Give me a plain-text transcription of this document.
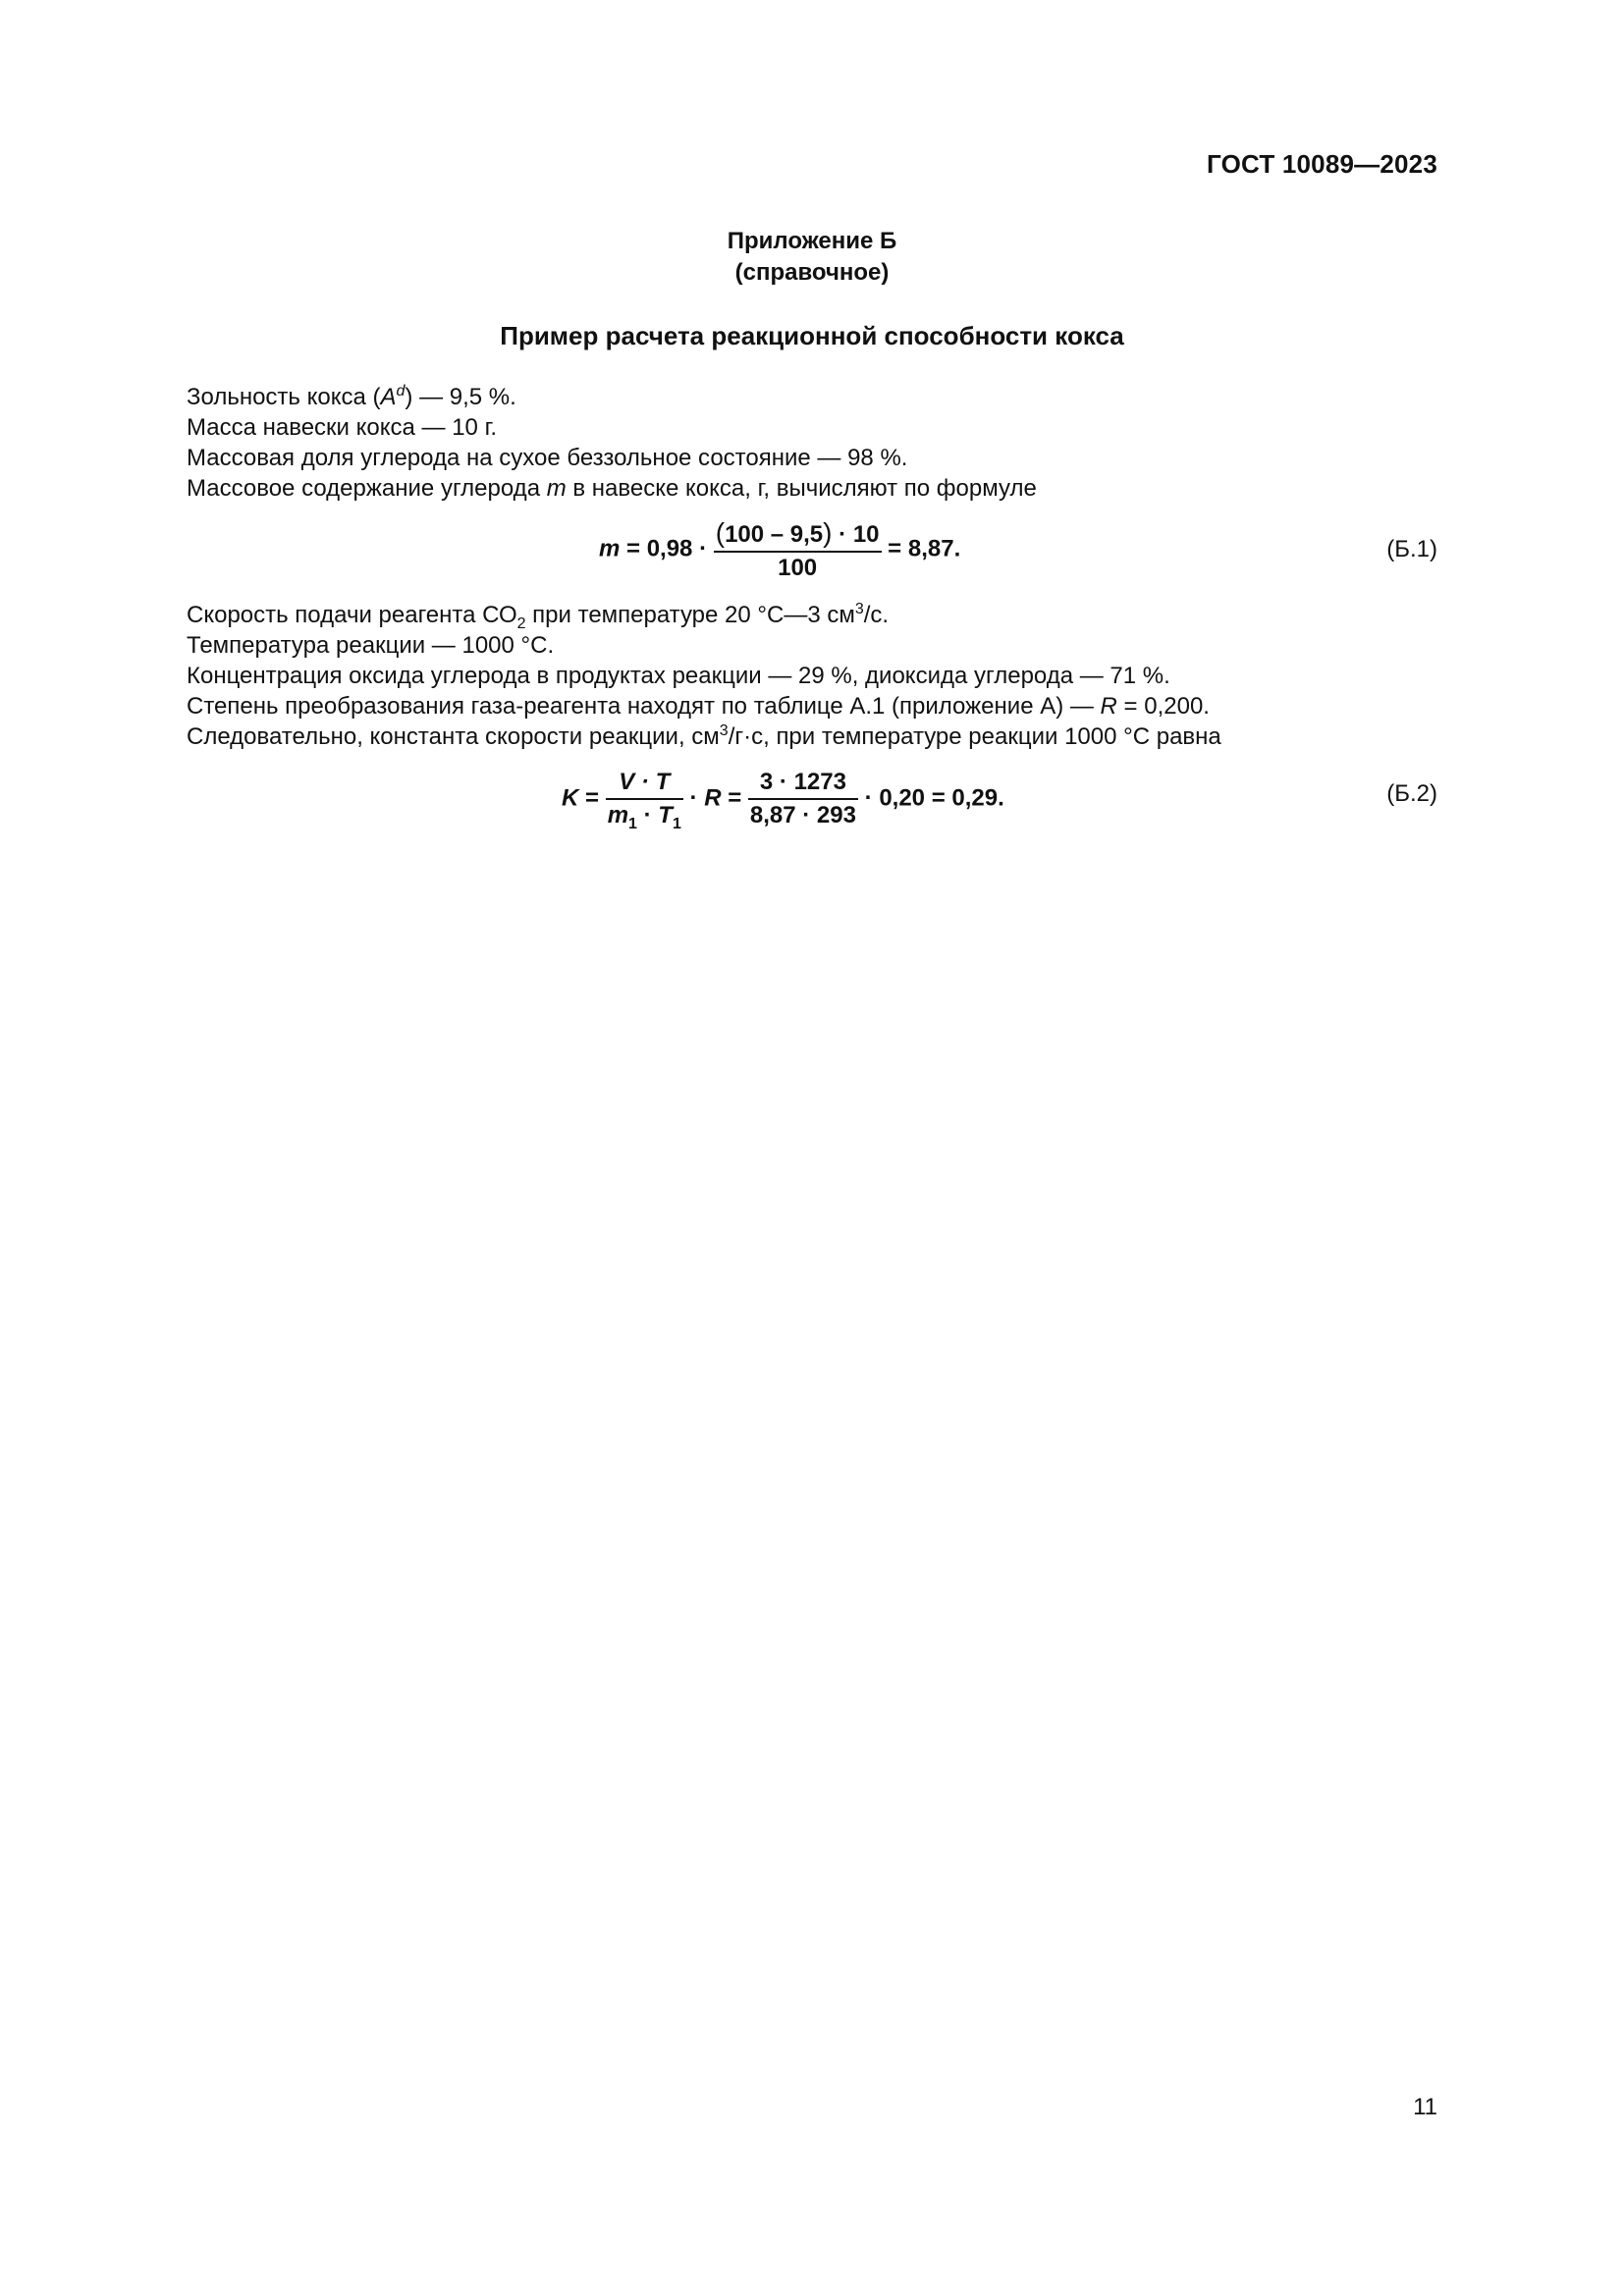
ГОСТ 10089—2023
Приложение Б
(справочное)
Пример расчета реакционной способности кокса
Зольность кокса $(A^d)$ — 9,5 %.
Масса навески кокса — 10 г.
Массовая доля углерода на сухое беззольное состояние — 98 %.
Массовое содержание углерода m в навеске кокса, г, вычисляют по формуле
$m = 0,98 \cdot \frac{(100 - 9,5) \cdot 10}{100} = 8,87$.	(Б.1)
Скорость подачи реагента $СО_2$ при температуре 20 °С—3 $см^3/с$.
Температура реакции — 1000 °С.
Концентрация оксида углерода в продуктах реакции — 29 %, диоксида углерода — 71 %.
Степень преобразования газа-реагента находят по таблице А.1 (приложение А) — R = 0,200.
Следовательно, константа скорости реакции, $см^3/г\cdot с$, при температуре реакции 1000 °С равна
$K = \frac{V \cdot T}{m_1 \cdot T_1} \cdot R = \frac{3 \cdot 1273}{8,87 \cdot 293} \cdot 0,20 = 0,29$.	(Б.2)
11
